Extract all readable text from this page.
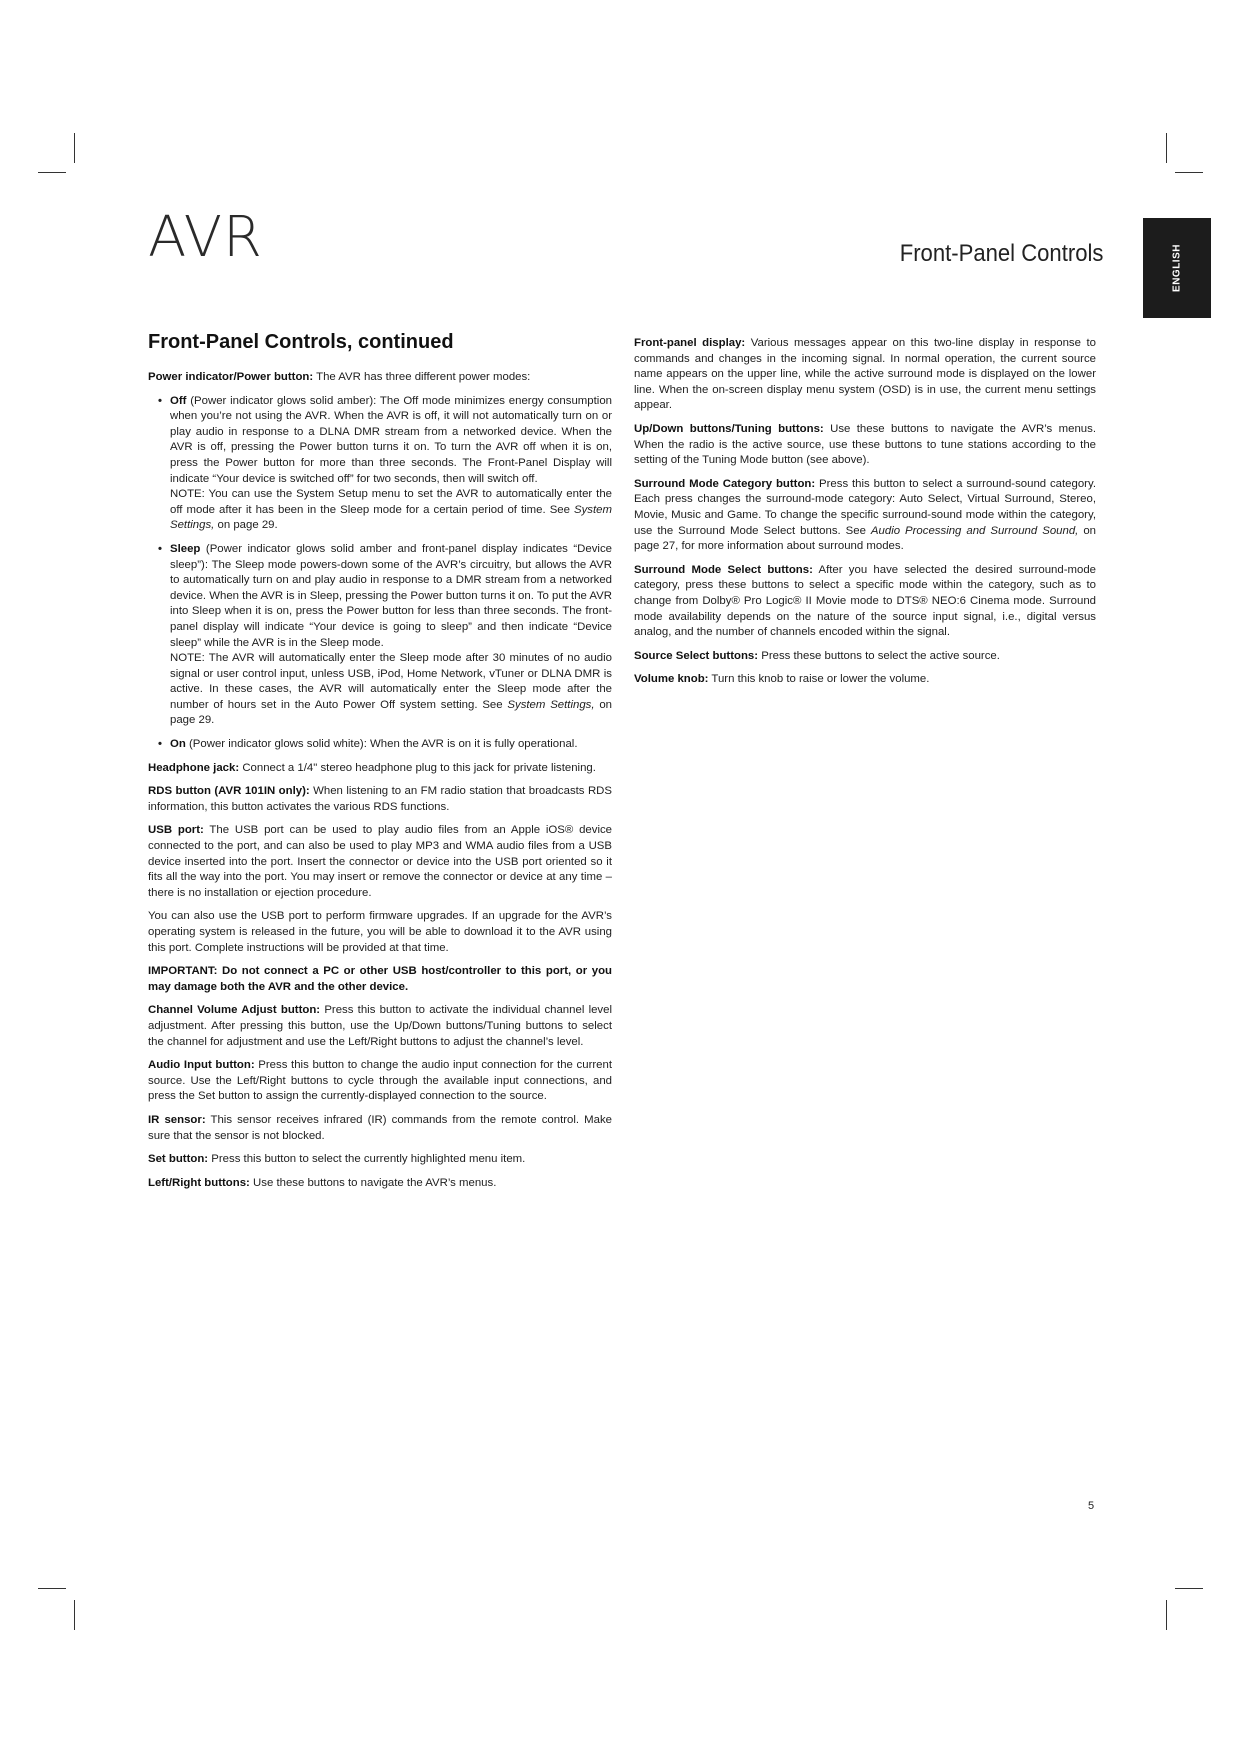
AVR	Front-Panel Controls	ENGLISH
Front-Panel Controls, continued

Power indicator/Power button: The AVR has three different power modes:

• Off (Power indicator glows solid amber): The Off mode minimizes energy consumption when you’re not using the AVR. When the AVR is off, it will not automatically turn on or play audio in response to a DLNA DMR stream from a networked device. When the AVR is off, pressing the Power button turns it on. To turn the AVR off when it is on, press the Power button for more than three seconds. The Front-Panel Display will indicate “Your device is switched off” for two seconds, then will switch off.

NOTE: You can use the System Setup menu to set the AVR to automatically enter the off mode after it has been in the Sleep mode for a certain period of time. See System Settings, on page 29.

• Sleep (Power indicator glows solid amber and front-panel display indicates “Device sleep”): The Sleep mode powers-down some of the AVR’s circuitry, but allows the AVR to automatically turn on and play audio in response to a DMR stream from a networked device. When the AVR is in Sleep, pressing the Power button turns it on. To put the AVR into Sleep when it is on, press the Power button for less than three seconds. The front-panel display will indicate “Your device is going to sleep” and then indicate “Device sleep” while the AVR is in the Sleep mode.

NOTE: The AVR will automatically enter the Sleep mode after 30 minutes of no audio signal or user control input, unless USB, iPod, Home Network, vTuner or DLNA DMR is active. In these cases, the AVR will automatically enter the Sleep mode after the number of hours set in the Auto Power Off system setting. See System Settings, on page 29.

• On (Power indicator glows solid white): When the AVR is on it is fully operational.

Headphone jack: Connect a 1/4" stereo headphone plug to this jack for private listening.

RDS button (AVR 101IN only): When listening to an FM radio station that broadcasts RDS information, this button activates the various RDS functions.

USB port: The USB port can be used to play audio files from an Apple iOS® device connected to the port, and can also be used to play MP3 and WMA audio files from a USB device inserted into the port. Insert the connector or device into the USB port oriented so it fits all the way into the port. You may insert or remove the connector or device at any time – there is no installation or ejection procedure.

You can also use the USB port to perform firmware upgrades. If an upgrade for the AVR’s operating system is released in the future, you will be able to download it to the AVR using this port. Complete instructions will be provided at that time.

IMPORTANT: Do not connect a PC or other USB host/controller to this port, or you may damage both the AVR and the other device.

Channel Volume Adjust button: Press this button to activate the individual channel level adjustment. After pressing this button, use the Up/Down buttons/Tuning buttons to select the channel for adjustment and use the Left/Right buttons to adjust the channel’s level.

Audio Input button: Press this button to change the audio input connection for the current source. Use the Left/Right buttons to cycle through the available input connections, and press the Set button to assign the currently-displayed connection to the source.

IR sensor: This sensor receives infrared (IR) commands from the remote control. Make sure that the sensor is not blocked.

Set button: Press this button to select the currently highlighted menu item.

Left/Right buttons: Use these buttons to navigate the AVR’s menus.

Front-panel display: Various messages appear on this two-line display in response to commands and changes in the incoming signal. In normal operation, the current source name appears on the upper line, while the active surround mode is displayed on the lower line. When the on-screen display menu system (OSD) is in use, the current menu settings appear.

Up/Down buttons/Tuning buttons: Use these buttons to navigate the AVR’s menus. When the radio is the active source, use these buttons to tune stations according to the setting of the Tuning Mode button (see above).

Surround Mode Category button: Press this button to select a surround-sound category. Each press changes the surround-mode category: Auto Select, Virtual Surround, Stereo, Movie, Music and Game. To change the specific surround-sound mode within the category, use the Surround Mode Select buttons. See Audio Processing and Surround Sound, on page 27, for more information about surround modes.

Surround Mode Select buttons: After you have selected the desired surround-mode category, press these buttons to select a specific mode within the category, such as to change from Dolby® Pro Logic® II Movie mode to DTS® NEO:6 Cinema mode. Surround mode availability depends on the nature of the source input signal, i.e., digital versus analog, and the number of channels encoded within the signal.

Source Select buttons: Press these buttons to select the active source.

Volume knob: Turn this knob to raise or lower the volume.

5
